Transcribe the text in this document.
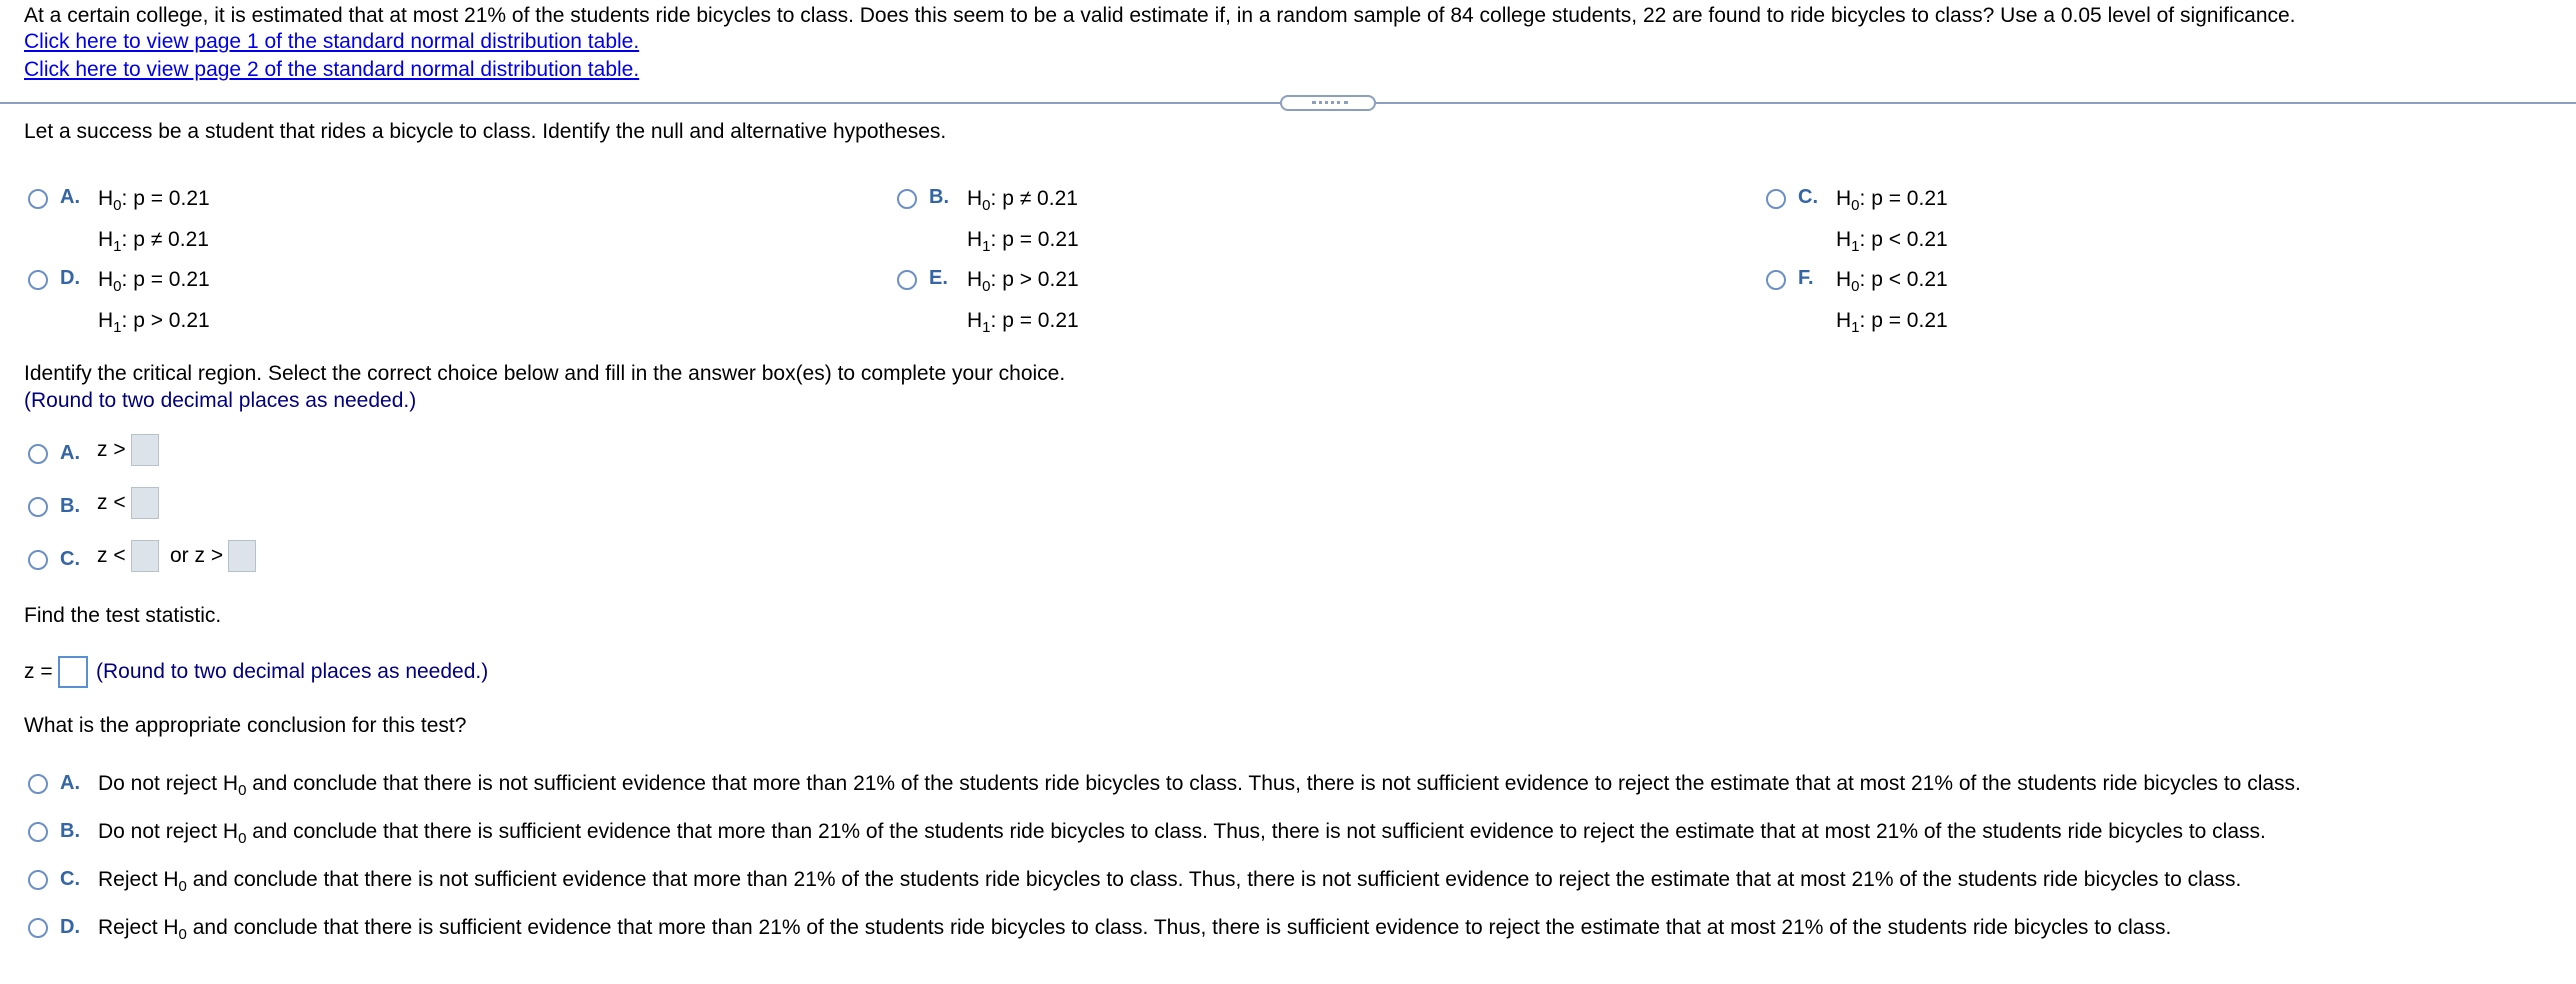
At a certain college, it is estimated that at most 21% of the students ride bicycles to class. Does this seem to be a valid estimate if, in a random sample of 84 college students, 22 are found to ride bicycles to class? Use a 0.05 level of significance.
Click here to view page 1 of the standard normal distribution table.
Click here to view page 2 of the standard normal distribution table.
Let a success be a student that rides a bicycle to class. Identify the null and alternative hypotheses.
A. $H_0$: p = 0.21
$H_1$: p ≠ 0.21
B. $H_0$: p ≠ 0.21
$H_1$: p = 0.21
C. $H_0$: p = 0.21
$H_1$: p < 0.21
D. $H_0$: p = 0.21
$H_1$: p > 0.21
E. $H_0$: p > 0.21
$H_1$: p = 0.21
F. $H_0$: p < 0.21
$H_1$: p = 0.21
Identify the critical region. Select the correct choice below and fill in the answer box(es) to complete your choice.
(Round to two decimal places as needed.)
A. z >
B. z <
C. z < or z >
Find the test statistic.
z = (Round to two decimal places as needed.)
What is the appropriate conclusion for this test?
A. Do not reject $H_0$ and conclude that there is not sufficient evidence that more than 21% of the students ride bicycles to class. Thus, there is not sufficient evidence to reject the estimate that at most 21% of the students ride bicycles to class.
B. Do not reject $H_0$ and conclude that there is sufficient evidence that more than 21% of the students ride bicycles to class. Thus, there is not sufficient evidence to reject the estimate that at most 21% of the students ride bicycles to class.
C. Reject $H_0$ and conclude that there is not sufficient evidence that more than 21% of the students ride bicycles to class. Thus, there is not sufficient evidence to reject the estimate that at most 21% of the students ride bicycles to class.
D. Reject $H_0$ and conclude that there is sufficient evidence that more than 21% of the students ride bicycles to class. Thus, there is sufficient evidence to reject the estimate that at most 21% of the students ride bicycles to class.
